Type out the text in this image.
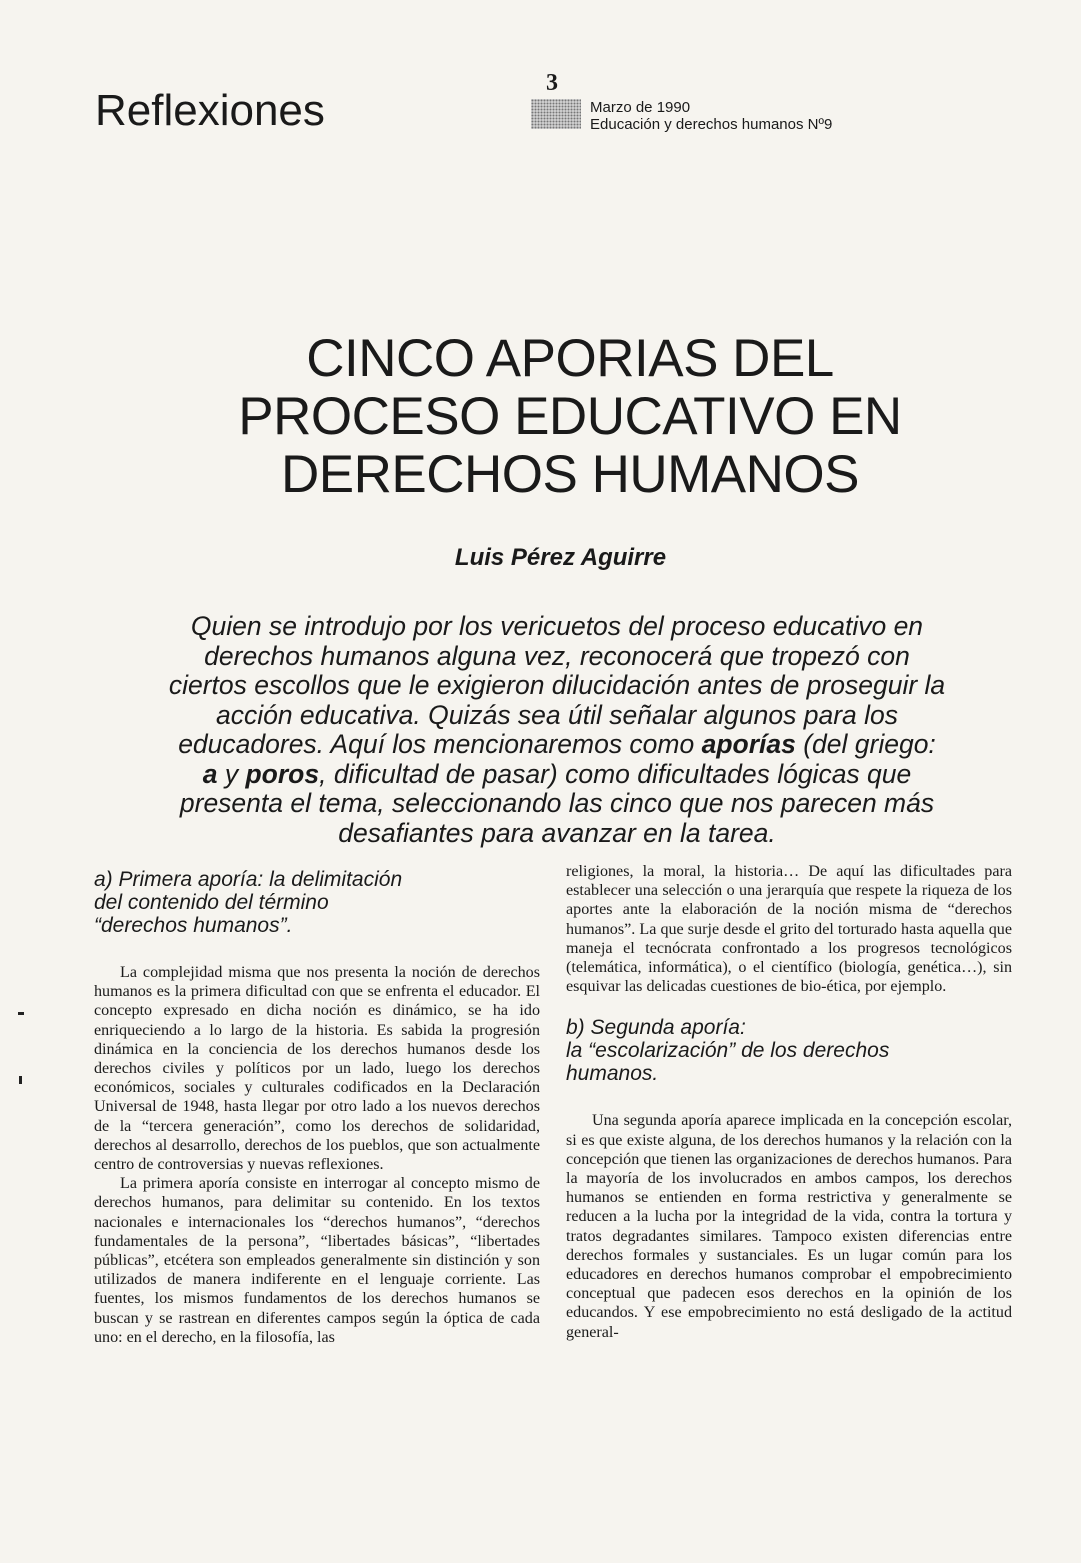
Reflexiones
3
Marzo de 1990
Educación y derechos humanos Nº9
CINCO APORIAS DEL
PROCESO EDUCATIVO EN
DERECHOS HUMANOS
Luis Pérez Aguirre
Quien se introdujo por los vericuetos del proceso educativo en
derechos humanos alguna vez, reconocerá que tropezó con
ciertos escollos que le exigieron dilucidación antes de proseguir la
acción educativa. Quizás sea útil señalar algunos para los
educadores. Aquí los mencionaremos como aporías (del griego:
a y poros, dificultad de pasar) como dificultades lógicas que
presenta el tema, seleccionando las cinco que nos parecen más
desafiantes para avanzar en la tarea.
a) Primera aporía: la delimitación
del contenido del término
“derechos humanos”.

La complejidad misma que nos presenta la noción de derechos humanos es la primera dificultad con que se enfrenta el educador. El concepto expresado en dicha noción es dinámico, se ha ido enriqueciendo a lo largo de la historia. Es sabida la progresión dinámica en la conciencia de los derechos humanos desde los derechos civiles y políticos por un lado, luego los derechos económicos, sociales y culturales codificados en la Declaración Universal de 1948, hasta llegar por otro lado a los nuevos derechos de la “tercera generación”, como los derechos de solidaridad, derechos al desarrollo, derechos de los pueblos, que son actualmente centro de controversias y nuevas reflexiones.

La primera aporía consiste en interrogar al concepto mismo de derechos humanos, para delimitar su contenido. En los textos nacionales e internacionales los “derechos humanos”, “derechos fundamentales de la persona”, “libertades básicas”, “libertades públicas”, etcétera son empleados generalmente sin distinción y son utilizados de manera indiferente en el lenguaje corriente. Las fuentes, los mismos fundamentos de los derechos humanos se buscan y se rastrean en diferentes campos según la óptica de cada uno: en el derecho, en la filosofía, las

religiones, la moral, la historia… De aquí las dificultades para establecer una selección o una jerarquía que respete la riqueza de los aportes ante la elaboración de la noción misma de “derechos humanos”. La que surje desde el grito del torturado hasta aquella que maneja el tecnócrata confrontado a los progresos tecnológicos (telemática, informática), o el científico (biología, genética…), sin esquivar las delicadas cuestiones de bio-ética, por ejemplo.

b) Segunda aporía:
la “escolarización” de los derechos
humanos.

Una segunda aporía aparece implicada en la concepción escolar, si es que existe alguna, de los derechos humanos y la relación con la concepción que tienen las organizaciones de derechos humanos. Para la mayoría de los involucrados en ambos campos, los derechos humanos se entienden en forma restrictiva y generalmente se reducen a la lucha por la integridad de la vida, contra la tortura y tratos degradantes similares. Tampoco existen diferencias entre derechos formales y sustanciales. Es un lugar común para los educadores en derechos humanos comprobar el empobrecimiento conceptual que padecen esos derechos en la opinión de los educandos. Y ese empobrecimiento no está desligado de la actitud general-
